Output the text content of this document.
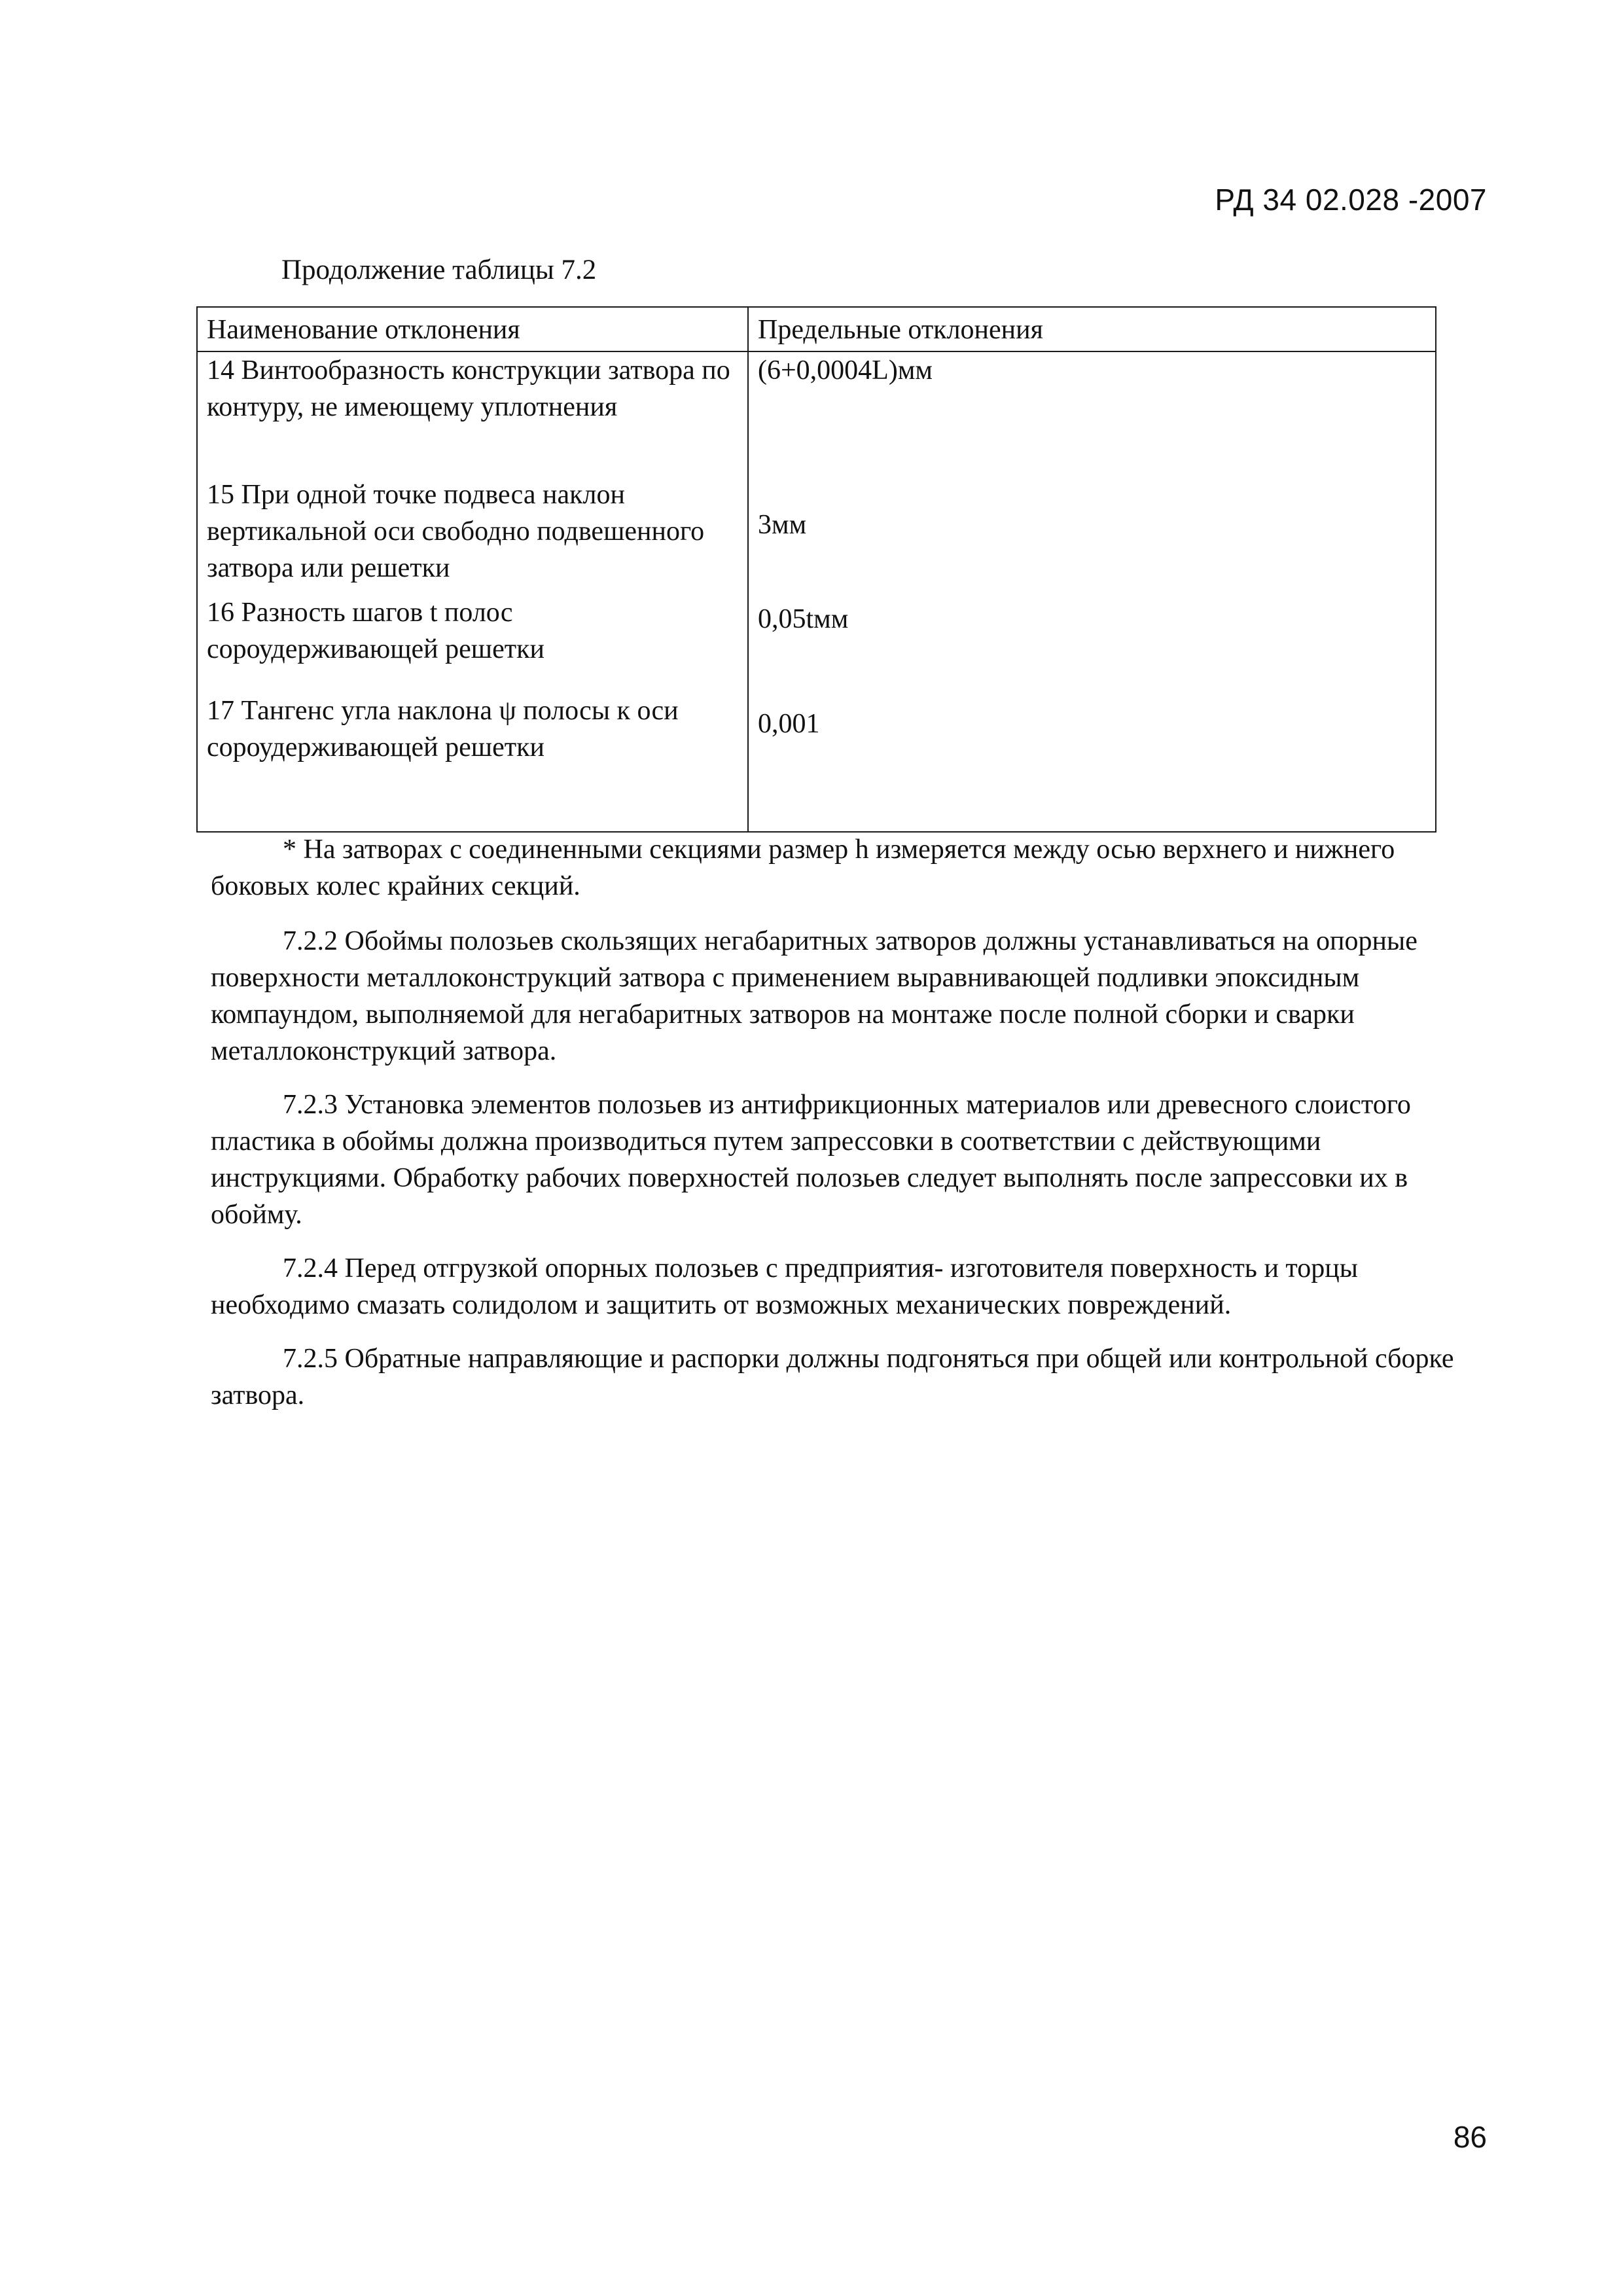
РД 34 02.028 -2007
Продолжение таблицы 7.2
Наименование отклонения	Предельные отклонения
14 Винтообразность конструкции затвора по контуру, не имеющему уплотнения	(6+0,0004L)мм
15 При одной точке подвеса наклон вертикальной оси свободно подвешенного затвора или решетки	3мм
16 Разность шагов t полос сороудерживающей решетки	0,05tмм
17 Тангенс угла наклона ψ полосы к оси сороудерживающей решетки	0,001

* На затворах с соединенными секциями размер h измеряется между осью верхнего и нижнего боковых колес крайних секций.

7.2.2 Обоймы полозьев скользящих негабаритных затворов должны устанавливаться на опорные поверхности металлоконструкций затвора с применением выравнивающей подливки эпоксидным компаундом, выполняемой для негабаритных затворов на монтаже после полной сборки и сварки металлоконструкций затвора.

7.2.3 Установка элементов полозьев из антифрикционных материалов или древесного слоистого пластика в обоймы должна производиться путем запрессовки в соответствии с действующими инструкциями. Обработку рабочих поверхностей полозьев следует выполнять после запрессовки их в обойму.

7.2.4 Перед отгрузкой опорных полозьев с предприятия- изготовителя поверхность и торцы необходимо смазать солидолом и защитить от возможных механических повреждений.

7.2.5 Обратные направляющие и распорки должны подгоняться при общей или контрольной сборке затвора.

86
